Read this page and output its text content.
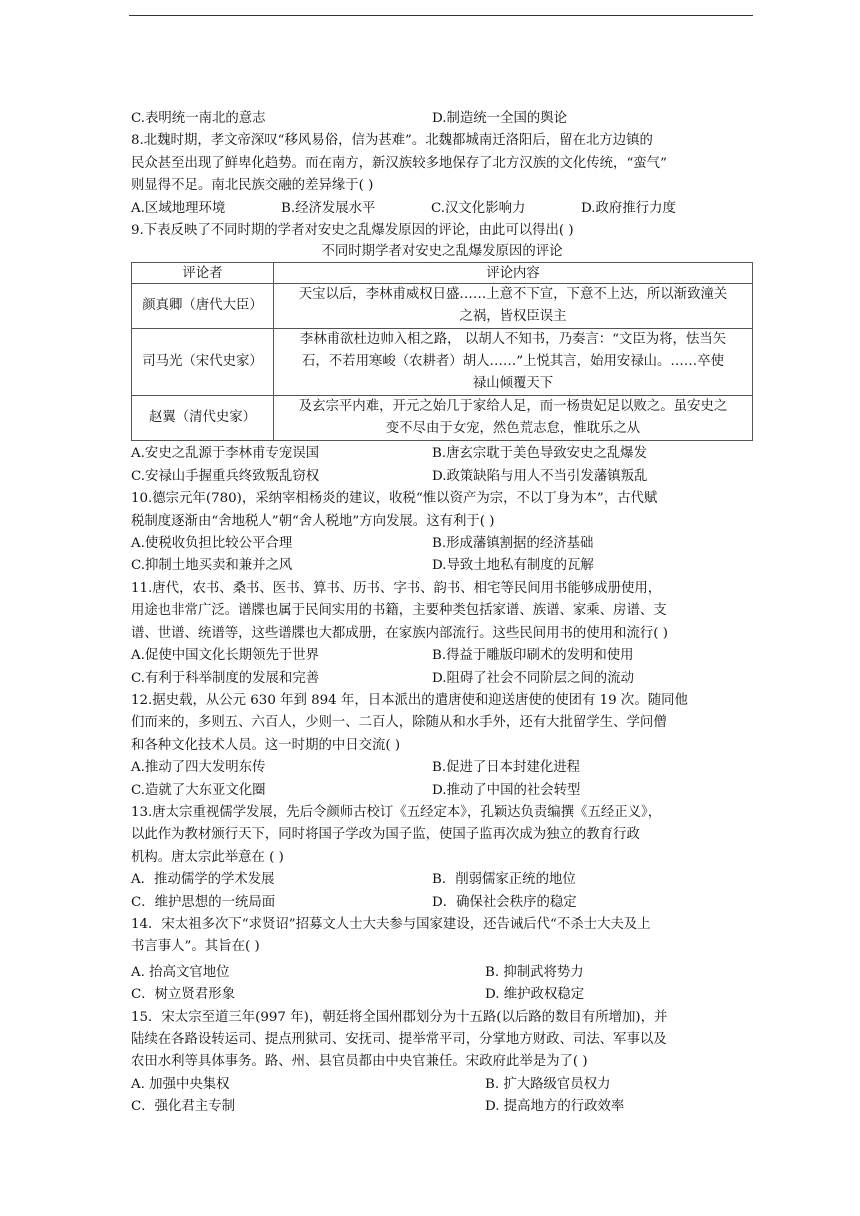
C.表明统一南北的意志	D.制造统一全国的舆论
8.北魏时期，孝文帝深叹“移风易俗，信为甚难”。北魏都城南迁洛阳后，留在北方边镇的
民众甚至出现了鲜卑化趋势。而在南方，新汉族较多地保存了北方汉族的文化传统，“蛮气”
则显得不足。南北民族交融的差异缘于( )
A.区域地理环境	B.经济发展水平	C.汉文化影响力	D.政府推行力度
9.下表反映了不同时期的学者对安史之乱爆发原因的评论，由此可以得出( )
不同时期学者对安史之乱爆发原因的评论
评论者	评论内容
颜真卿（唐代大臣）	天宝以后，李林甫威权日盛……上意不下宣，下意不上达，所以渐致潼关
之祸，皆权臣误主

司马光（宋代史家）	李林甫欲杜边帅入相之路， 以胡人不知书，乃奏言：“文臣为将，怯当矢
石，不若用寒峻（农耕者）胡人……”上悦其言，始用安禄山。……卒使
禄山倾覆天下

赵翼（清代史家）	及玄宗平内难，开元之始几于家给人足，而一杨贵妃足以败之。虽安史之
变不尽由于女宠，然色荒志怠，惟耽乐之从
A.安史之乱源于李林甫专宠误国	B.唐玄宗耽于美色导致安史之乱爆发
C.安禄山手握重兵终致叛乱窃权	D.政策缺陷与用人不当引发藩镇叛乱
10.德宗元年(780)，采纳宰相杨炎的建议，收税“惟以资产为宗，不以丁身为本”，古代赋
税制度逐渐由“舍地税人”朝“舍人税地”方向发展。这有利于( )
A.使税收负担比较公平合理	B.形成藩镇割据的经济基础
C.抑制土地买卖和兼并之风	D.导致土地私有制度的瓦解
11.唐代，农书、桑书、医书、算书、历书、字书、韵书、相宅等民间用书能够成册使用，
用途也非常广泛。谱牒也属于民间实用的书籍，主要种类包括家谱、族谱、家乘、房谱、支
谱、世谱、统谱等，这些谱牒也大都成册，在家族内部流行。这些民间用书的使用和流行( )
A.促使中国文化长期领先于世界	B.得益于雕版印刷术的发明和使用
C.有利于科举制度的发展和完善	D.阻碍了社会不同阶层之间的流动
12.据史载，从公元 630 年到 894 年，日本派出的遣唐使和迎送唐使的使团有 19 次。随同他
们而来的，多则五、六百人，少则一、二百人，除随从和水手外，还有大批留学生、学问僧
和各种文化技术人员。这一时期的中日交流( )
A.推动了四大发明东传	B.促进了日本封建化进程
C.造就了大东亚文化圈	D.推动了中国的社会转型
13.唐太宗重视儒学发展，先后令颜师古校订《五经定本》，孔颖达负责编撰《五经正义》，
以此作为教材颁行天下，同时将国子学改为国子监，使国子监再次成为独立的教育行政
机构。唐太宗此举意在 ( )
A．推动儒学的学术发展	B．削弱儒家正统的地位
C．维护思想的一统局面	D．确保社会秩序的稳定
14．宋太祖多次下“求贤诏”招募文人士大夫参与国家建设，还告诫后代“不杀士大夫及上
书言事人”。其旨在( )
A. 抬高文官地位	B. 抑制武将势力
C．树立贤君形象	D. 维护政权稳定
15．宋太宗至道三年(997 年)，朝廷将全国州郡划分为十五路(以后路的数目有所增加)，并
陆续在各路设转运司、提点刑狱司、安抚司、提举常平司，分掌地方财政、司法、军事以及
农田水利等具体事务。路、州、县官员都由中央官兼任。宋政府此举是为了( )
A. 加强中央集权	B. 扩大路级官员权力
C．强化君主专制	D. 提高地方的行政效率
